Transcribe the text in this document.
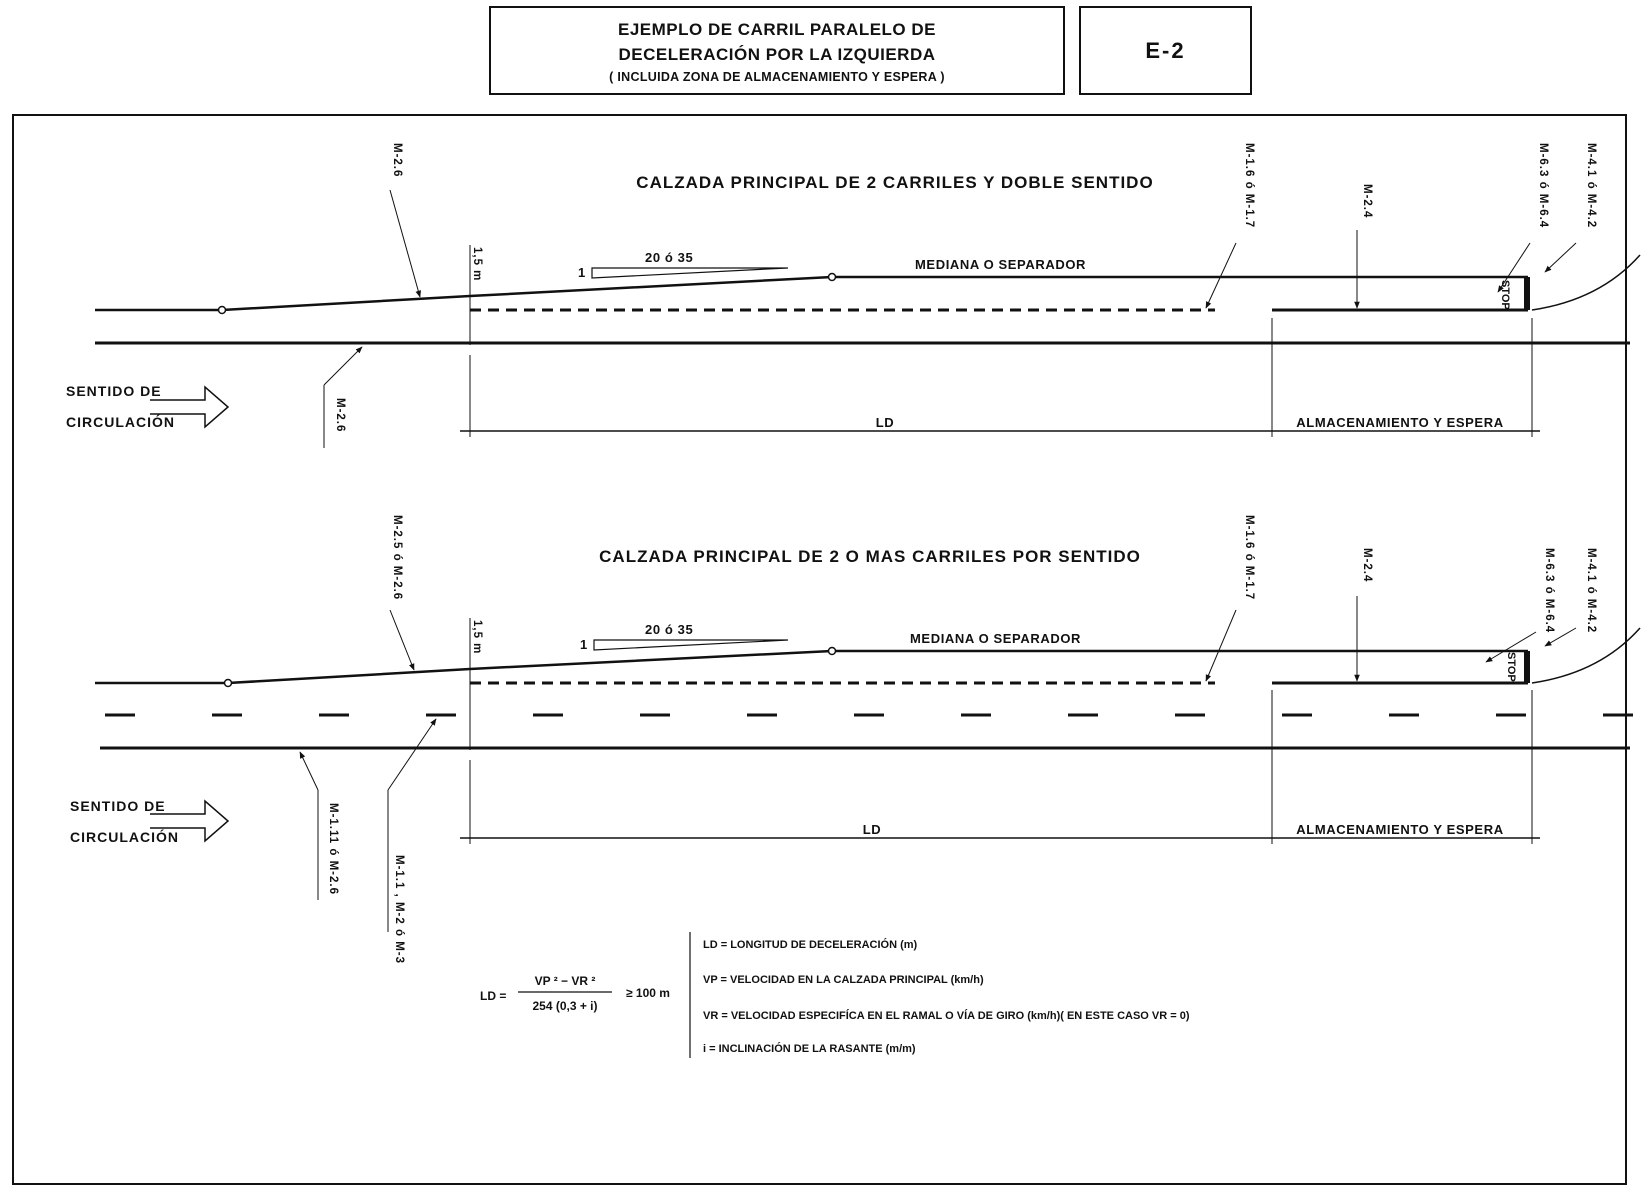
EJEMPLO DE CARRIL PARALELO DE
DECELERACIÓN POR LA IZQUIERDA
( INCLUIDA ZONA DE ALMACENAMIENTO Y ESPERA )
E-2
CALZADA PRINCIPAL DE 2 CARRILES Y DOBLE SENTIDO
STOP
1
20 ó 35	MEDIANA O SEPARADOR
1,5 m
M-2.6
M-2.6
M-1.6 ó M-1.7	M-2.4	M-6.3 ó M-6.4	M-4.1 ó M-4.2
SENTIDO DE
CIRCULACIÓN	LD	ALMACENAMIENTO Y ESPERA
CALZADA PRINCIPAL DE 2 O MAS CARRILES POR SENTIDO
STOP
1
20 ó 35
MEDIANA O SEPARADOR
1,5 m
M-2.5 ó M-2.6
M-1.11 ó M-2.6
M-1.1 , M-2 ó M-3
M-1.6 ó M-1.7	M-2.4	M-6.3 ó M-6.4	M-4.1 ó M-4.2
SENTIDO DE
CIRCULACIÓN	LD	ALMACENAMIENTO Y ESPERA
LD =
VP ² − VR ²
254 (0,3 + i)
≥ 100 m
LD = LONGITUD DE DECELERACIÓN (m)
VP = VELOCIDAD EN LA CALZADA PRINCIPAL (km/h)
VR = VELOCIDAD ESPECIFÍCA EN EL RAMAL O VÍA DE GIRO (km/h)( EN ESTE CASO VR = 0)
i = INCLINACIÓN DE LA RASANTE (m/m)
